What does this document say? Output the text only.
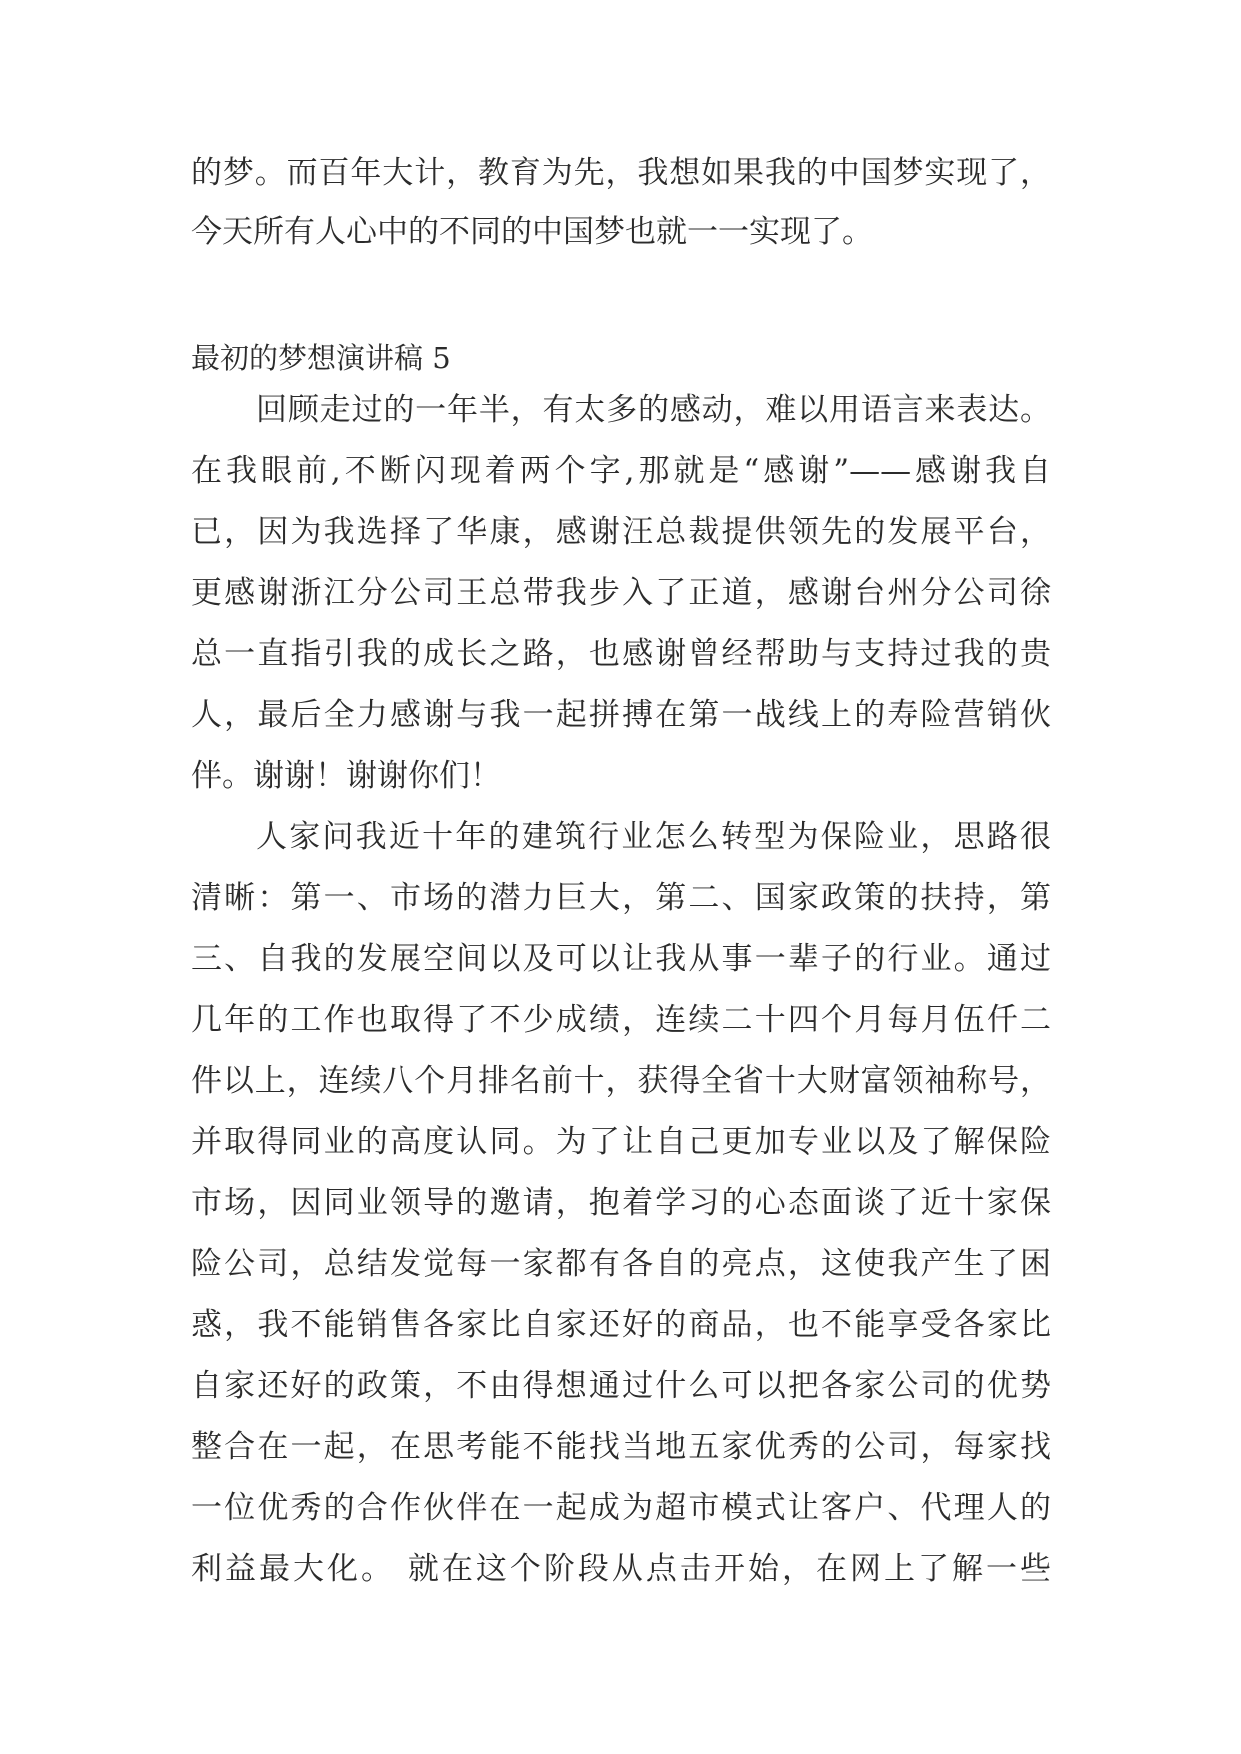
的梦。而百年大计，教育为先，我想如果我的中国梦实现了，

今天所有人心中的不同的中国梦也就一一实现了。

最初的梦想演讲稿 5

回顾走过的一年半，有太多的感动，难以用语言来表达。

在我眼前,不断闪现着两个字,那就是“感谢”——感谢我自

已，因为我选择了华康，感谢汪总裁提供领先的发展平台，

更感谢浙江分公司王总带我步入了正道，感谢台州分公司徐

总一直指引我的成长之路，也感谢曾经帮助与支持过我的贵

人，最后全力感谢与我一起拼搏在第一战线上的寿险营销伙

伴。谢谢！谢谢你们！

人家问我近十年的建筑行业怎么转型为保险业，思路很

清晰：第一、市场的潜力巨大，第二、国家政策的扶持，第

三、自我的发展空间以及可以让我从事一辈子的行业。通过

几年的工作也取得了不少成绩，连续二十四个月每月伍仟二

件以上，连续八个月排名前十，获得全省十大财富领袖称号，

并取得同业的高度认同。为了让自己更加专业以及了解保险

市场，因同业领导的邀请，抱着学习的心态面谈了近十家保

险公司，总结发觉每一家都有各自的亮点，这使我产生了困

惑，我不能销售各家比自家还好的商品，也不能享受各家比

自家还好的政策，不由得想通过什么可以把各家公司的优势

整合在一起，在思考能不能找当地五家优秀的公司，每家找

一位优秀的合作伙伴在一起成为超市模式让客户、代理人的

利益最大化。 就在这个阶段从点击开始，在网上了解一些
